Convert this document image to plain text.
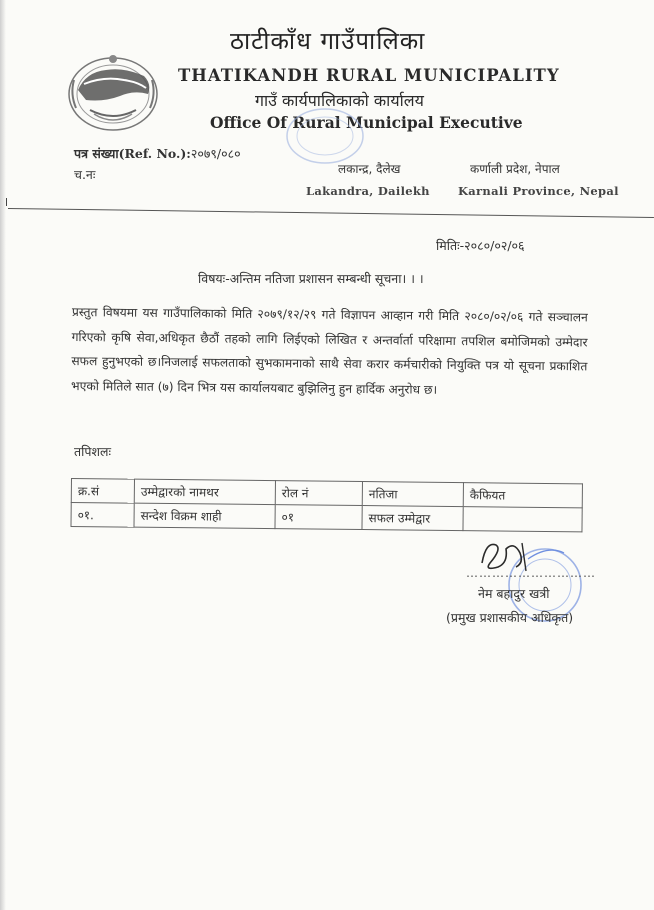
ठाटीकाँध गाउँपालिका
THATIKANDH RURAL MUNICIPALITY
गाउँ कार्यपालिकाको कार्यालय
Office Of Rural Municipal Executive
पत्र संख्या(Ref. No.):२०७९/०८०
च.नः	लकान्द्र, दैलेख	कर्णाली प्रदेश, नेपाल
Lakandra, Dailekh Karnali Province, Nepal
मितिः-२०८०/०२/०६
विषयः-अन्तिम नतिजा प्रशासन सम्बन्धी सूचना। । ।
प्रस्तुत विषयमा यस गाउँपालिकाको मिति २०७९/१२/२९ गते विज्ञापन आव्हान गरी मिति २०८०/०२/०६ गते सञ्चालन गरिएको कृषि सेवा,अधिकृत छैठौं तहको लागि लिईएको लिखित र अन्तर्वार्ता परिक्षामा तपशिल बमोजिमको उम्मेदार सफल हुनुभएको छ।निजलाई सफलताको सुभकामनाको साथै सेवा करार कर्मचारीको नियुक्ति पत्र यो सूचना प्रकाशित भएको मितिले सात (७) दिन भित्र यस कार्यालयबाट बुझिलिनु हुन हार्दिक अनुरोध छ।
तपिशलः
क्र.सं	उम्मेद्वारको नामथर	रोल नं	नतिजा	कैफियत
०१.	सन्देश विक्रम शाही	०१	सफल उम्मेद्वार	
…………………………
नेम बहादुर खत्री
(प्रमुख प्रशासकीय अधिकृत)
